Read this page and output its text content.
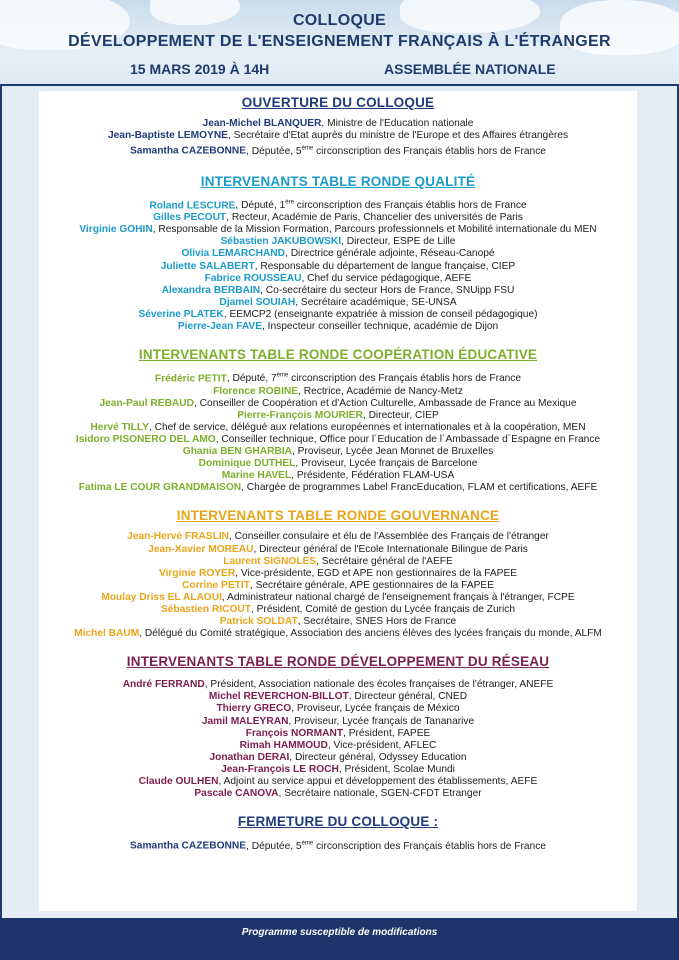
COLLOQUE
DÉVELOPPEMENT DE L'ENSEIGNEMENT FRANÇAIS À L'ÉTRANGER
15 MARS 2019 À 14H	ASSEMBLÉE NATIONALE
OUVERTURE DU COLLOQUE
Jean-Michel BLANQUER, Ministre de l'Education nationale
Jean-Baptiste LEMOYNE, Secrétaire d'Etat auprès du ministre de l'Europe et des Affaires étrangères
Samantha CAZEBONNE, Députée, 5ème circonscription des Français établis hors de France
INTERVENANTS TABLE RONDE QUALITÉ
Roland LESCURE, Député, 1ère circonscription des Français établis hors de France
Gilles PECOUT, Recteur, Académie de Paris, Chancelier des universités de Paris
Virginie GOHIN, Responsable de la Mission Formation, Parcours professionnels et Mobilité internationale du MEN
Sébastien JAKUBOWSKI, Directeur, ESPE de Lille
Olivia LEMARCHAND, Directrice générale adjointe, Réseau-Canopé
Juliette SALABERT, Responsable du département de langue française, CIEP
Fabrice ROUSSEAU, Chef du service pédagogique, AEFE
Alexandra BERBAIN, Co-secrétaire du secteur Hors de France, SNUipp FSU
Djamel SOUIAH, Secrétaire académique, SE-UNSA
Séverine PLATEK, EEMCP2 (enseignante expatriée à mission de conseil pédagogique)
Pierre-Jean FAVE, Inspecteur conseiller technique, académie de Dijon
INTERVENANTS TABLE RONDE COOPÉRATION ÉDUCATIVE
Frédéric PETIT, Député, 7ème circonscription des Français établis hors de France
Florence ROBINE, Rectrice, Académie de Nancy-Metz
Jean-Paul REBAUD, Conseiller de Coopération et d'Action Culturelle, Ambassade de France au Mexique
Pierre-François MOURIER, Directeur, CIEP
Hervé TILLY, Chef de service, délégué aux relations européennes et internationales et à la coopération, MEN
Isidoro PISONERO DEL AMO, Conseiller technique, Office pour l´Education de l´Ambassade d´Espagne en France
Ghania BEN GHARBIA, Proviseur, Lycée Jean Monnet de Bruxelles
Dominique DUTHEL, Proviseur, Lycée français de Barcelone
Marine HAVEL, Présidente, Fédération FLAM-USA
Fatima LE COUR GRANDMAISON, Chargée de programmes Label FrancEducation, FLAM et certifications, AEFE
INTERVENANTS TABLE RONDE GOUVERNANCE
Jean-Hervé FRASLIN, Conseiller consulaire et élu de l'Assemblée des Français de l'étranger
Jean-Xavier MOREAU, Directeur général de l'Ecole Internationale Bilingue de Paris
Laurent SIGNOLES, Secrétaire général de l'AEFE
Virginie ROYER, Vice-présidente, EGD et APE non gestionnaires de la FAPEE
Corrine PETIT, Secrétaire générale, APE gestionnaires de la FAPEE
Moulay Driss EL ALAOUI, Administrateur national chargé de l'enseignement français à l'étranger, FCPE
Sébastien RICOUT, Président, Comité de gestion du Lycée français de Zurich
Patrick SOLDAT, Secrétaire, SNES Hors de France
Michel BAUM, Délégué du Comité stratégique, Association des anciens élèves des lycées français du monde, ALFM
INTERVENANTS TABLE RONDE DÉVELOPPEMENT DU RÉSEAU
André FERRAND, Président, Association nationale des écoles françaises de l'étranger, ANEFE
Michel REVERCHON-BILLOT, Directeur général, CNED
Thierry GRECO, Proviseur, Lycée français de México
Jamil MALEYRAN, Proviseur, Lycée français de Tananarive
François NORMANT, Président, FAPEE
Rimah HAMMOUD, Vice-président, AFLEC
Jonathan DERAI, Directeur général, Odyssey Education
Jean-François LE ROCH, Président, Scolae Mundi
Claude OULHEN, Adjoint au service appui et développement des établissements, AEFE
Pascale CANOVA, Secrétaire nationale, SGEN-CFDT Etranger
FERMETURE DU COLLOQUE :
Samantha CAZEBONNE, Députée, 5ème circonscription des Français établis hors de France
Programme susceptible de modifications
